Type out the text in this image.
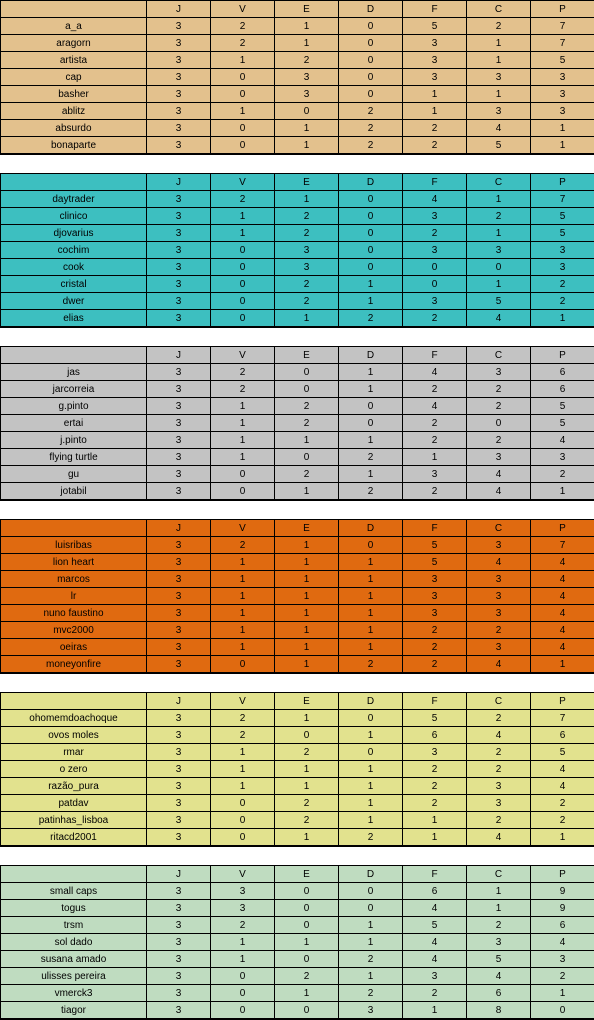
	J	V	E	D	F	C	P
a_a	3	2	1	0	5	2	7
aragorn	3	2	1	0	3	1	7
artista	3	1	2	0	3	1	5
cap	3	0	3	0	3	3	3
basher	3	0	3	0	1	1	3
ablitz	3	1	0	2	1	3	3
absurdo	3	0	1	2	2	4	1
bonaparte	3	0	1	2	2	5	1
	J	V	E	D	F	C	P
daytrader	3	2	1	0	4	1	7
clinico	3	1	2	0	3	2	5
djovarius	3	1	2	0	2	1	5
cochim	3	0	3	0	3	3	3
cook	3	0	3	0	0	0	3
cristal	3	0	2	1	0	1	2
dwer	3	0	2	1	3	5	2
elias	3	0	1	2	2	4	1
	J	V	E	D	F	C	P
jas	3	2	0	1	4	3	6
jarcorreia	3	2	0	1	2	2	6
g.pinto	3	1	2	0	4	2	5
ertai	3	1	2	0	2	0	5
j.pinto	3	1	1	1	2	2	4
flying turtle	3	1	0	2	1	3	3
gu	3	0	2	1	3	4	2
jotabil	3	0	1	2	2	4	1
	J	V	E	D	F	C	P
luisribas	3	2	1	0	5	3	7
lion heart	3	1	1	1	5	4	4
marcos	3	1	1	1	3	3	4
lr	3	1	1	1	3	3	4
nuno faustino	3	1	1	1	3	3	4
mvc2000	3	1	1	1	2	2	4
oeiras	3	1	1	1	2	3	4
moneyonfire	3	0	1	2	2	4	1
	J	V	E	D	F	C	P
ohomemdoachoque	3	2	1	0	5	2	7
ovos moles	3	2	0	1	6	4	6
rmar	3	1	2	0	3	2	5
o zero	3	1	1	1	2	2	4
razão_pura	3	1	1	1	2	3	4
patdav	3	0	2	1	2	3	2
patinhas_lisboa	3	0	2	1	1	2	2
ritacd2001	3	0	1	2	1	4	1
	J	V	E	D	F	C	P
small caps	3	3	0	0	6	1	9
togus	3	3	0	0	4	1	9
trsm	3	2	0	1	5	2	6
sol dado	3	1	1	1	4	3	4
susana amado	3	1	0	2	4	5	3
ulisses pereira	3	0	2	1	3	4	2
vmerck3	3	0	1	2	2	6	1
tiagor	3	0	0	3	1	8	0
